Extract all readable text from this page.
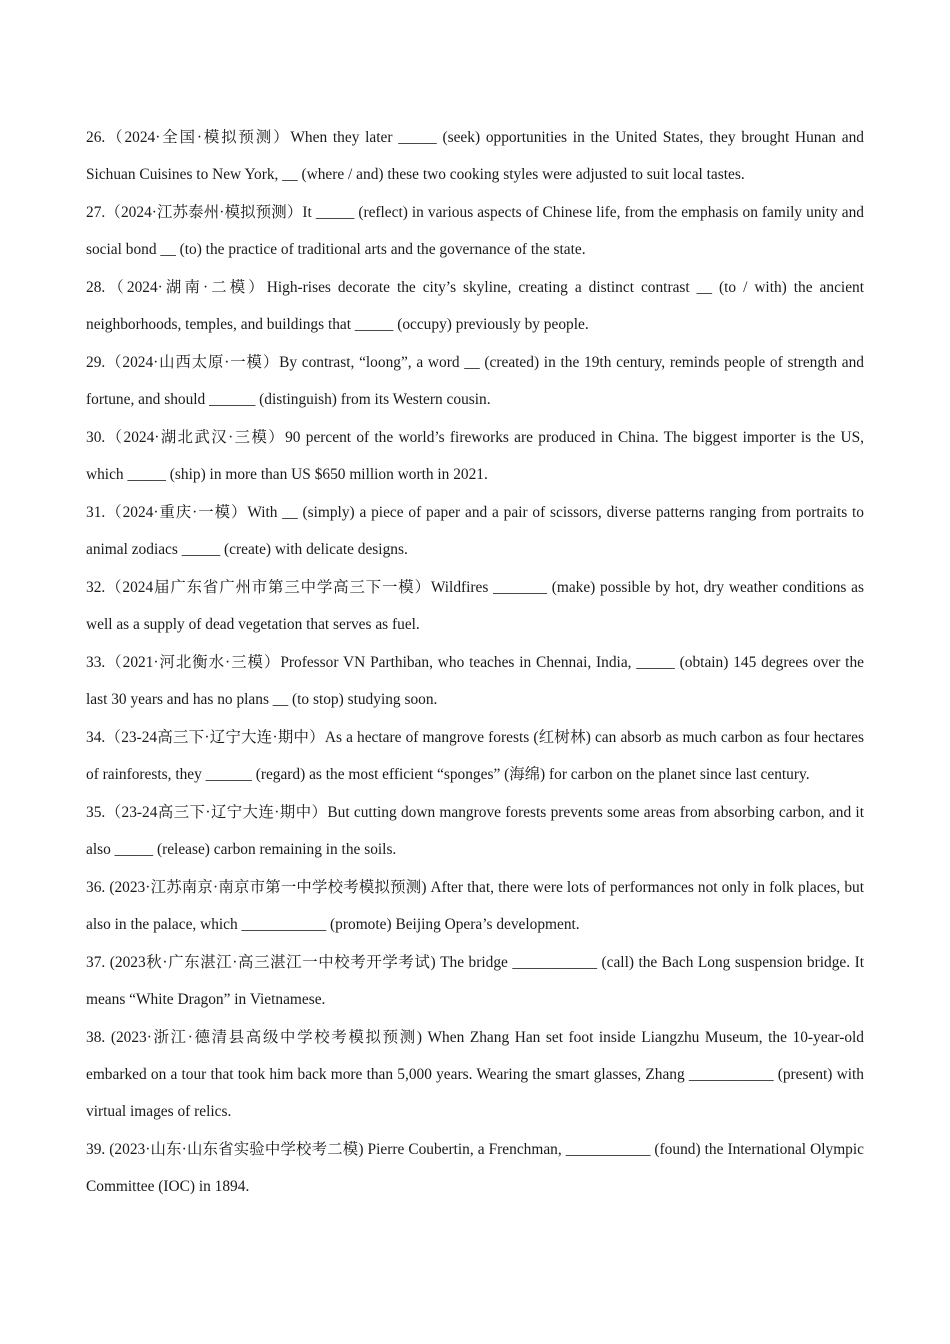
26.（2024·全国·模拟预测）When they later _____ (seek) opportunities in the United States, they brought Hunan and Sichuan Cuisines to New York, __ (where / and) these two cooking styles were adjusted to suit local tastes.

27.（2024·江苏泰州·模拟预测）It _____ (reflect) in various aspects of Chinese life, from the emphasis on family unity and social bond __ (to) the practice of traditional arts and the governance of the state.

28.（2024·湖南·二模）High-rises decorate the city’s skyline, creating a distinct contrast __ (to / with) the ancient neighborhoods, temples, and buildings that _____ (occupy) previously by people.

29.（2024·山西太原·一模）By contrast, “loong”, a word __ (created) in the 19th century, reminds people of strength and fortune, and should ______ (distinguish) from its Western cousin.

30.（2024·湖北武汉·三模）90 percent of the world’s fireworks are produced in China. The biggest importer is the US, which _____ (ship) in more than US $650 million worth in 2021.

31.（2024·重庆·一模）With __ (simply) a piece of paper and a pair of scissors, diverse patterns ranging from portraits to animal zodiacs _____ (create) with delicate designs.

32.（2024届广东省广州市第三中学高三下一模）Wildfires _______ (make) possible by hot, dry weather conditions as well as a supply of dead vegetation that serves as fuel.

33.（2021·河北衡水·三模）Professor VN Parthiban, who teaches in Chennai, India, _____ (obtain) 145 degrees over the last 30 years and has no plans __ (to stop) studying soon.

34.（23-24高三下·辽宁大连·期中）As a hectare of mangrove forests (红树林) can absorb as much carbon as four hectares of rainforests, they ______ (regard) as the most efficient “sponges” (海绵) for carbon on the planet since last century.

35.（23-24高三下·辽宁大连·期中）But cutting down mangrove forests prevents some areas from absorbing carbon, and it also _____ (release) carbon remaining in the soils.

36. (2023·江苏南京·南京市第一中学校考模拟预测) After that, there were lots of performances not only in folk places, but also in the palace, which ___________ (promote) Beijing Opera’s development.

37. (2023秋·广东湛江·高三湛江一中校考开学考试) The bridge ___________ (call) the Bach Long suspension bridge. It means “White Dragon” in Vietnamese.

38. (2023·浙江·德清县高级中学校考模拟预测) When Zhang Han set foot inside Liangzhu Museum, the 10-year-old embarked on a tour that took him back more than 5,000 years. Wearing the smart glasses, Zhang ___________ (present) with virtual images of relics.

39. (2023·山东·山东省实验中学校考二模) Pierre Coubertin, a Frenchman, ___________ (found) the International Olympic Committee (IOC) in 1894.
